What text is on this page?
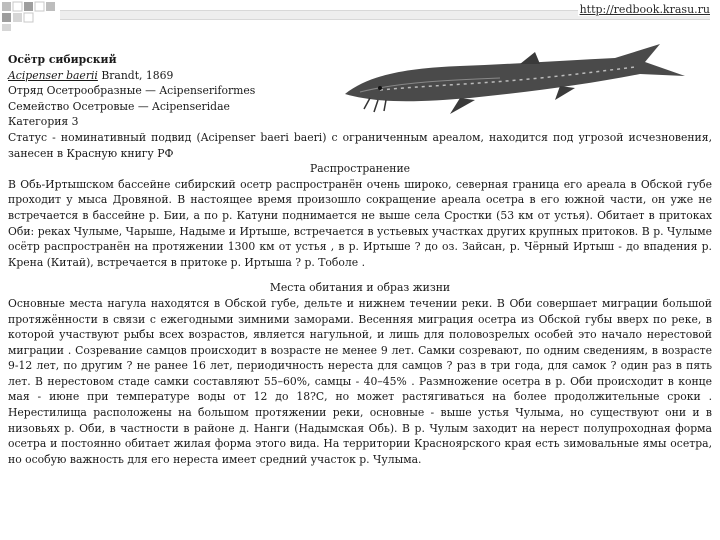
http://redbook.krasu.ru
Осётр сибирский
Acipenser baerii Brandt, 1869
Отряд Осетрообразные — Acipenseriformes
Семейство Осетровые — Acipenseridae
Категория 3

Статус - номинативный подвид (Acipenser baeri baeri) с ограниченным ареалом, находится под угрозой исчезновения, занесен в Красную книгу РФ

Распространение

В Обь-Иртышском бассейне сибирский осетр распространён очень широко, северная граница его ареала в Обской губе проходит у мыса Дровяной. В настоящее время произошло сокращение ареала осетра в его южной части, он уже не встречается в бассейне р. Бии, а по р. Катуни поднимается не выше села Сростки (53 км от устья). Обитает в притоках Оби: реках Чулыме, Чарыше, Надыме и Иртыше, встречается в устьевых участках других крупных притоков. В р. Чулыме осётр распространён на протяжении 1300 км от устья , в р. Иртыше ? до оз. Зайсан, р. Чёрный Иртыш - до впадения р. Крена (Китай), встречается в притоке р. Иртыша ? р. Тоболе .

Места обитания и образ жизни

Основные места нагула находятся в Обской губе, дельте и нижнем течении реки. В Оби совершает миграции большой протяжённости в связи с ежегодными зимними заморами. Весенняя миграция осетра из Обской губы вверх по реке, в которой участвуют рыбы всех возрастов, является нагульной, и лишь для половозрелых особей это начало нерестовой миграции . Созревание самцов происходит в возрасте не менее 9 лет. Самки созревают, по одним сведениям, в возрасте 9-12 лет, по другим ? не ранее 16 лет, периодичность нереста для самцов ? раз в три года, для самок ? один раз в пять лет. В нерестовом стаде самки составляют 55–60%, самцы - 40–45% . Размножение осетра в р. Оби происходит в конце мая - июне при температуре воды от 12 до 18?С, но может растягиваться на более продолжительные сроки . Нерестилища расположены на большом протяжении реки, основные - выше устья Чулыма, но существуют они и в низовьях р. Оби, в частности в районе д. Нанги (Надымская Обь). В р. Чулым заходит на нерест полупроходная форма осетра и постоянно обитает жилая форма этого вида. На территории Красноярского края есть зимовальные ямы осетра, но особую важность для его нереста имеет средний участок р. Чулыма.
